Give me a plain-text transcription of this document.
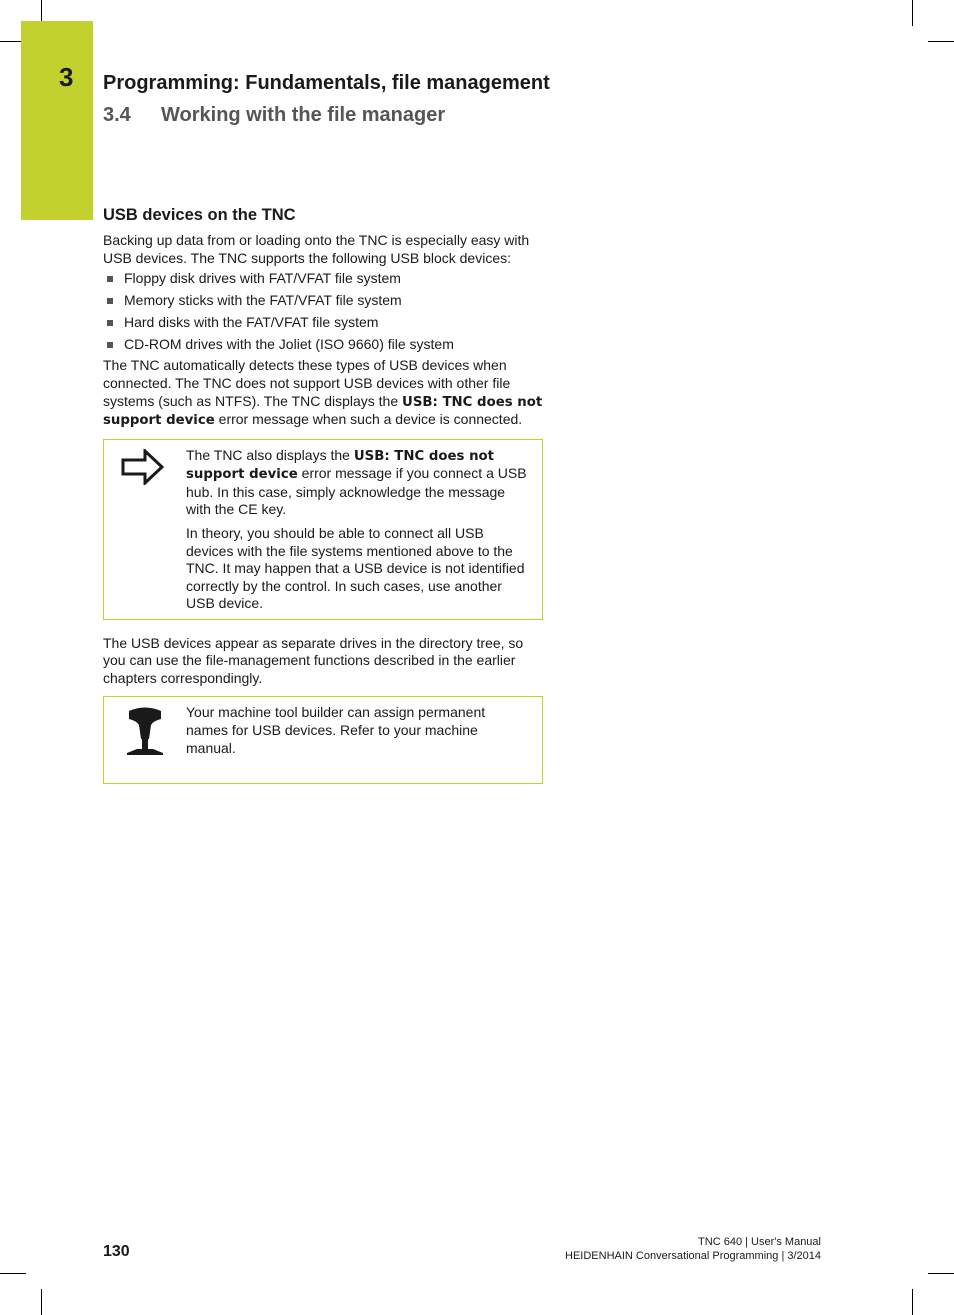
3 Programming: Fundamentals, file management
3.4 Working with the file manager
USB devices on the TNC

Backing up data from or loading onto the TNC is especially easy with USB devices. The TNC supports the following USB block devices:

Floppy disk drives with FAT/VFAT file system
Memory sticks with the FAT/VFAT file system
Hard disks with the FAT/VFAT file system
CD-ROM drives with the Joliet (ISO 9660) file system

The TNC automatically detects these types of USB devices when connected. The TNC does not support USB devices with other file systems (such as NTFS). The TNC displays the USB: TNC does not support device error message when such a device is connected.

The TNC also displays the USB: TNC does not support device error message if you connect a USB hub. In this case, simply acknowledge the message with the CE key.

In theory, you should be able to connect all USB devices with the file systems mentioned above to the TNC. It may happen that a USB device is not identified correctly by the control. In such cases, use another USB device.

The USB devices appear as separate drives in the directory tree, so you can use the file-management functions described in the earlier chapters correspondingly.

Your machine tool builder can assign permanent names for USB devices. Refer to your machine manual.

130
TNC 640 | User's Manual
HEIDENHAIN Conversational Programming | 3/2014
